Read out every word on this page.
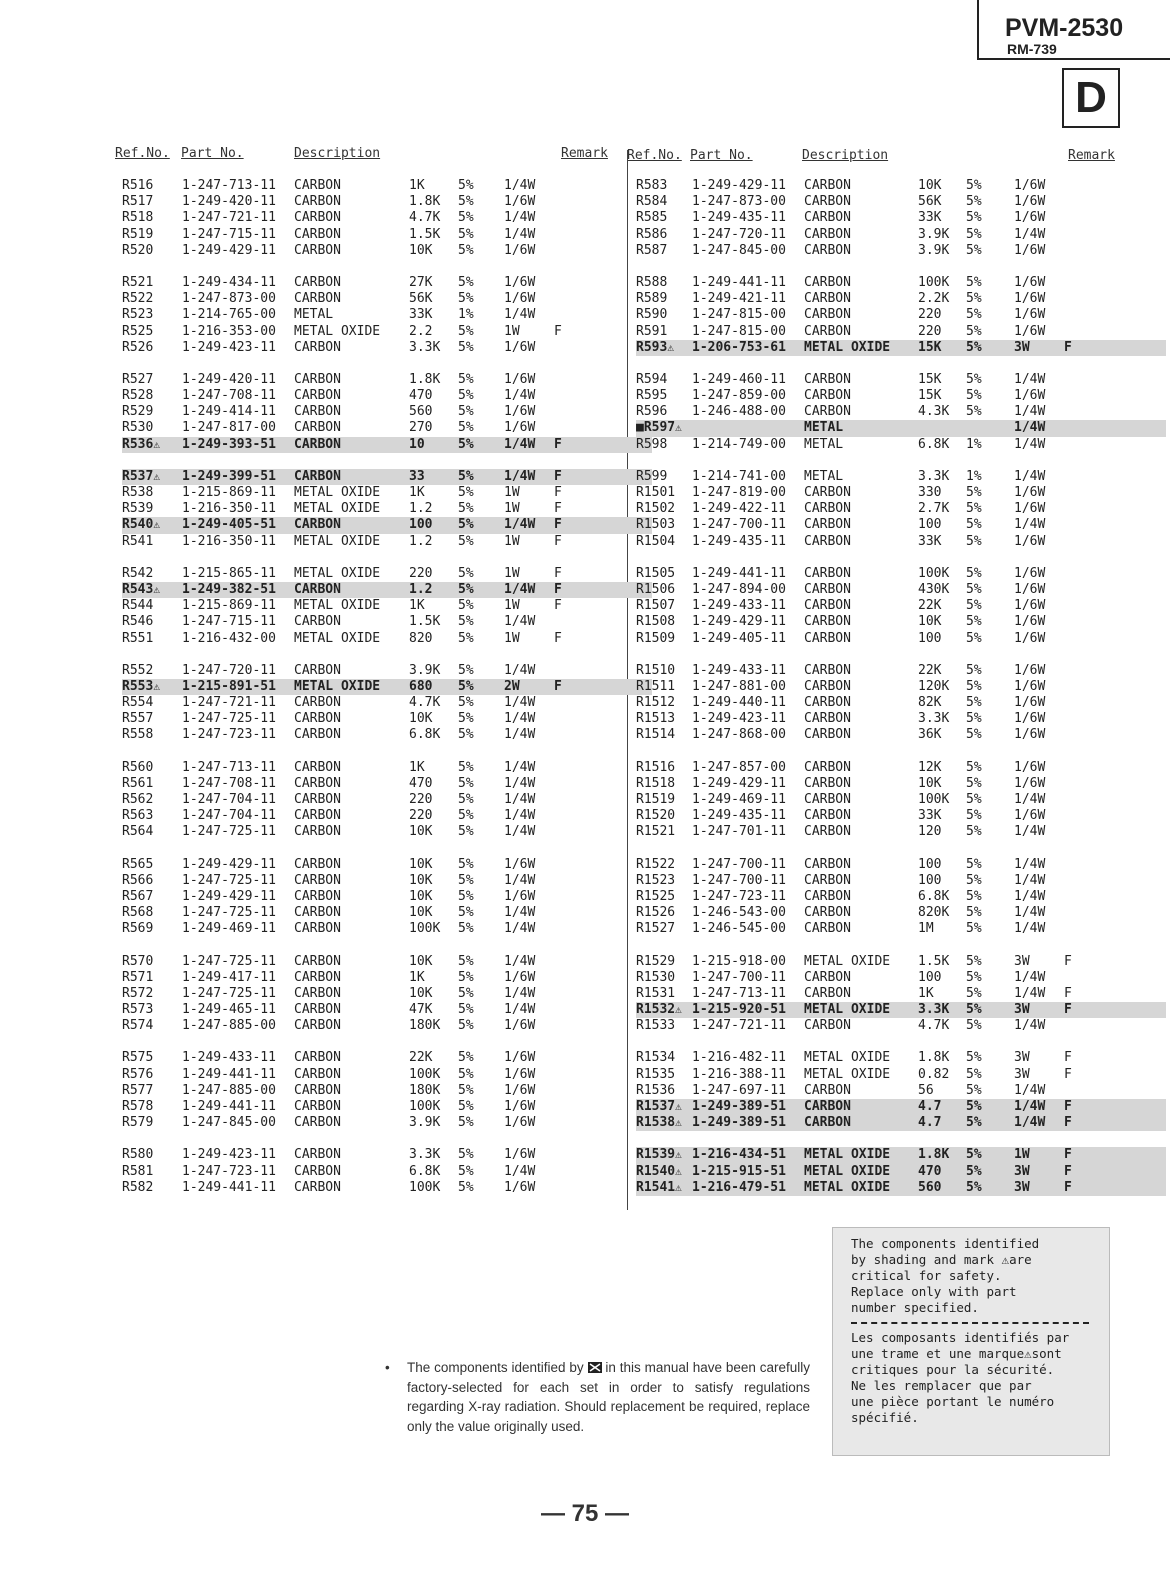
PVM-2530
RM-739
D
Ref.No. Part No.	Description	Remark Ref.No. Part No.	Description	Remark
R516 1-247-713-11 CARBON	1K	5% 1/4W
R517 1-249-420-11 CARBON	1.8K 5% 1/6W
R518 1-247-721-11 CARBON	4.7K 5% 1/4W
R519 1-247-715-11 CARBON	1.5K 5% 1/4W
R520 1-249-429-11 CARBON	10K 5% 1/6W
R521 1-249-434-11 CARBON	27K 5% 1/6W
R522 1-247-873-00 CARBON	56K 5% 1/6W
R523 1-214-765-00 METAL	33K 1% 1/4W
R525 1-216-353-00 METAL OXIDE 2.2 5% 1W	F
R526 1-249-423-11 CARBON	3.3K 5% 1/6W
R527 1-249-420-11 CARBON	1.8K 5% 1/6W
R528 1-247-708-11 CARBON	470 5% 1/4W
R529 1-249-414-11 CARBON	560 5% 1/6W
R530 1-247-817-00 CARBON	270 5% 1/6W
R536⚠ 1-249-393-51 CARBON	10	5% 1/4W F
R537⚠ 1-249-399-51 CARBON	33	5% 1/4W F
R538 1-215-869-11 METAL OXIDE 1K	5% 1W	F
R539 1-216-350-11 METAL OXIDE 1.2 5% 1W	F
R540⚠ 1-249-405-51 CARBON	100 5% 1/4W F
R541 1-216-350-11 METAL OXIDE 1.2 5% 1W	F
R542 1-215-865-11 METAL OXIDE 220 5% 1W	F
R543⚠ 1-249-382-51 CARBON	1.2 5% 1/4W F
R544 1-215-869-11 METAL OXIDE 1K	5% 1W	F
R546 1-247-715-11 CARBON	1.5K 5% 1/4W
R551 1-216-432-00 METAL OXIDE 820 5% 1W	F
R552 1-247-720-11 CARBON	3.9K 5% 1/4W
R553⚠ 1-215-891-51 METAL OXIDE 680 5% 2W	F
R554 1-247-721-11 CARBON	4.7K 5% 1/4W
R557 1-247-725-11 CARBON	10K 5% 1/4W
R558 1-247-723-11 CARBON	6.8K 5% 1/4W
R560 1-247-713-11 CARBON	1K	5% 1/4W
R561 1-247-708-11 CARBON	470 5% 1/4W
R562 1-247-704-11 CARBON	220 5% 1/4W
R563 1-247-704-11 CARBON	220 5% 1/4W
R564 1-247-725-11 CARBON	10K 5% 1/4W
R565 1-249-429-11 CARBON	10K 5% 1/6W
R566 1-247-725-11 CARBON	10K 5% 1/4W
R567 1-249-429-11 CARBON	10K 5% 1/6W
R568 1-247-725-11 CARBON	10K 5% 1/4W
R569 1-249-469-11 CARBON	100K 5% 1/4W
R570 1-247-725-11 CARBON	10K 5% 1/4W
R571 1-249-417-11 CARBON	1K	5% 1/6W
R572 1-247-725-11 CARBON	10K 5% 1/4W
R573 1-249-465-11 CARBON	47K 5% 1/4W
R574 1-247-885-00 CARBON	180K 5% 1/6W
R575 1-249-433-11 CARBON	22K 5% 1/6W
R576 1-249-441-11 CARBON	100K 5% 1/6W
R577 1-247-885-00 CARBON	180K 5% 1/6W
R578 1-249-441-11 CARBON	100K 5% 1/6W
R579 1-247-845-00 CARBON	3.9K 5% 1/6W
R580 1-249-423-11 CARBON	3.3K 5% 1/6W
R581 1-247-723-11 CARBON	6.8K 5% 1/4W
R582 1-249-441-11 CARBON	100K 5% 1/6W
R583 1-249-429-11 CARBON	10K 5% 1/6W
R584 1-247-873-00 CARBON	56K 5% 1/6W
R585 1-249-435-11 CARBON	33K 5% 1/6W
R586 1-247-720-11 CARBON	3.9K 5% 1/4W
R587 1-247-845-00 CARBON	3.9K 5% 1/6W
R588 1-249-441-11 CARBON	100K 5% 1/6W
R589 1-249-421-11 CARBON	2.2K 5% 1/6W
R590 1-247-815-00 CARBON	220 5% 1/6W
R591 1-247-815-00 CARBON	220 5% 1/6W
R593⚠ 1-206-753-61 METAL OXIDE 15K 5% 3W	F
R594 1-249-460-11 CARBON	15K 5% 1/4W
R595 1-247-859-00 CARBON	15K 5% 1/6W
R596 1-246-488-00 CARBON	4.3K 5% 1/4W
■R597⚠	METAL	1/4W
R598 1-214-749-00 METAL	6.8K 1% 1/4W
R599 1-214-741-00 METAL	3.3K 1% 1/4W
R1501 1-247-819-00 CARBON	330 5% 1/6W
R1502 1-249-422-11 CARBON	2.7K 5% 1/6W
R1503 1-247-700-11 CARBON	100 5% 1/4W
R1504 1-249-435-11 CARBON	33K 5% 1/6W
R1505 1-249-441-11 CARBON	100K 5% 1/6W
R1506 1-247-894-00 CARBON	430K 5% 1/6W
R1507 1-249-433-11 CARBON	22K 5% 1/6W
R1508 1-249-429-11 CARBON	10K 5% 1/6W
R1509 1-249-405-11 CARBON	100 5% 1/6W
R1510 1-249-433-11 CARBON	22K 5% 1/6W
R1511 1-247-881-00 CARBON	120K 5% 1/6W
R1512 1-249-440-11 CARBON	82K 5% 1/6W
R1513 1-249-423-11 CARBON	3.3K 5% 1/6W
R1514 1-247-868-00 CARBON	36K 5% 1/6W
R1516 1-247-857-00 CARBON	12K 5% 1/6W
R1518 1-249-429-11 CARBON	10K 5% 1/6W
R1519 1-249-469-11 CARBON	100K 5% 1/4W
R1520 1-249-435-11 CARBON	33K 5% 1/6W
R1521 1-247-701-11 CARBON	120 5% 1/4W
R1522 1-247-700-11 CARBON	100 5% 1/4W
R1523 1-247-700-11 CARBON	100 5% 1/4W
R1525 1-247-723-11 CARBON	6.8K 5% 1/4W
R1526 1-246-543-00 CARBON	820K 5% 1/4W
R1527 1-246-545-00 CARBON	1M 5% 1/4W
R1529 1-215-918-00 METAL OXIDE 1.5K 5% 3W	F
R1530 1-247-700-11 CARBON	100 5% 1/4W
R1531 1-247-713-11 CARBON	1K 5% 1/4W F
R1532⚠ 1-215-920-51 METAL OXIDE 3.3K 5% 3W	F
R1533 1-247-721-11 CARBON	4.7K 5% 1/4W
R1534 1-216-482-11 METAL OXIDE 1.8K 5% 3W	F
R1535 1-216-388-11 METAL OXIDE 0.82 5% 3W	F
R1536 1-247-697-11 CARBON	56 5% 1/4W
R1537⚠ 1-249-389-51 CARBON	4.7 5% 1/4W F
R1538⚠ 1-249-389-51 CARBON	4.7 5% 1/4W F
R1539⚠ 1-216-434-51 METAL OXIDE 1.8K 5% 1W	F
R1540⚠ 1-215-915-51 METAL OXIDE 470 5% 3W	F
R1541⚠ 1-216-479-51 METAL OXIDE 560 5% 3W	F
The components identified
by shading and mark ⚠are
critical for safety.
Replace only with part
number specified.
Les composants identifiés par
une trame et une marque⚠sont
critiques pour la sécurité.
Ne les remplacer que par
une pièce portant le numéro
spécifié.
• The components identified by in this manual have been carefully factory-selected for each set in order to satisfy regulations regarding X-ray radiation. Should replacement be required, replace only the value originally used.
— 75 —
